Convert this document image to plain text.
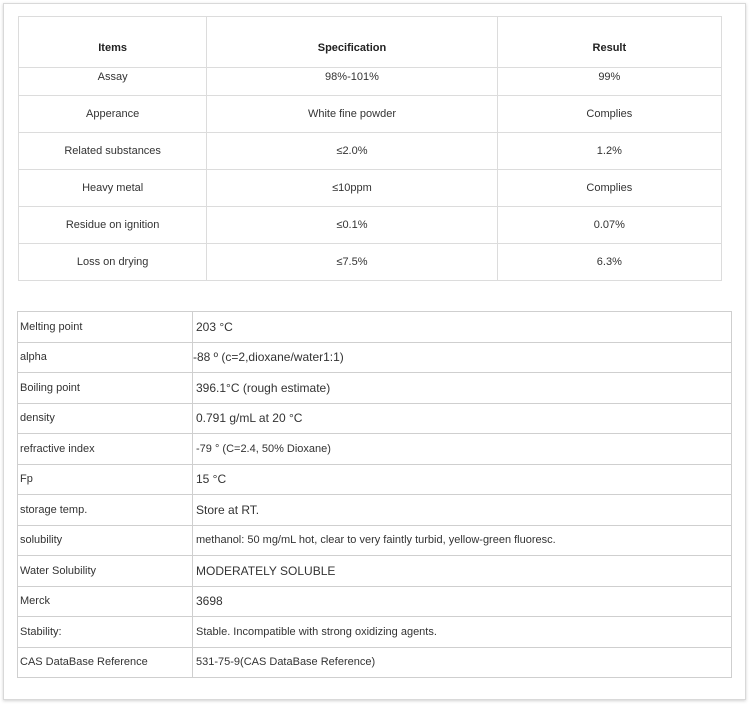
Items	Specification	Result
Assay	98%-101%	99%
Apperance	White fine powder	Complies
Related substances	≤2.0%	1.2%
Heavy metal	≤10ppm	Complies
Residue on ignition	≤0.1%	0.07%
Loss on drying	≤7.5%	6.3%
Melting point	203 °C
alpha	-88 º (c=2,dioxane/water1:1)
Boiling point	396.1°C (rough estimate)
density	0.791 g/mL at 20 °C
refractive index	-79 ° (C=2.4, 50% Dioxane)
Fp	15 °C
storage temp.	Store at RT.
solubility	methanol: 50 mg/mL hot, clear to very faintly turbid, yellow-green fluoresc.
Water Solubility	MODERATELY SOLUBLE
Merck	3698
Stability:	Stable. Incompatible with strong oxidizing agents.
CAS DataBase Reference	531-75-9(CAS DataBase Reference)
